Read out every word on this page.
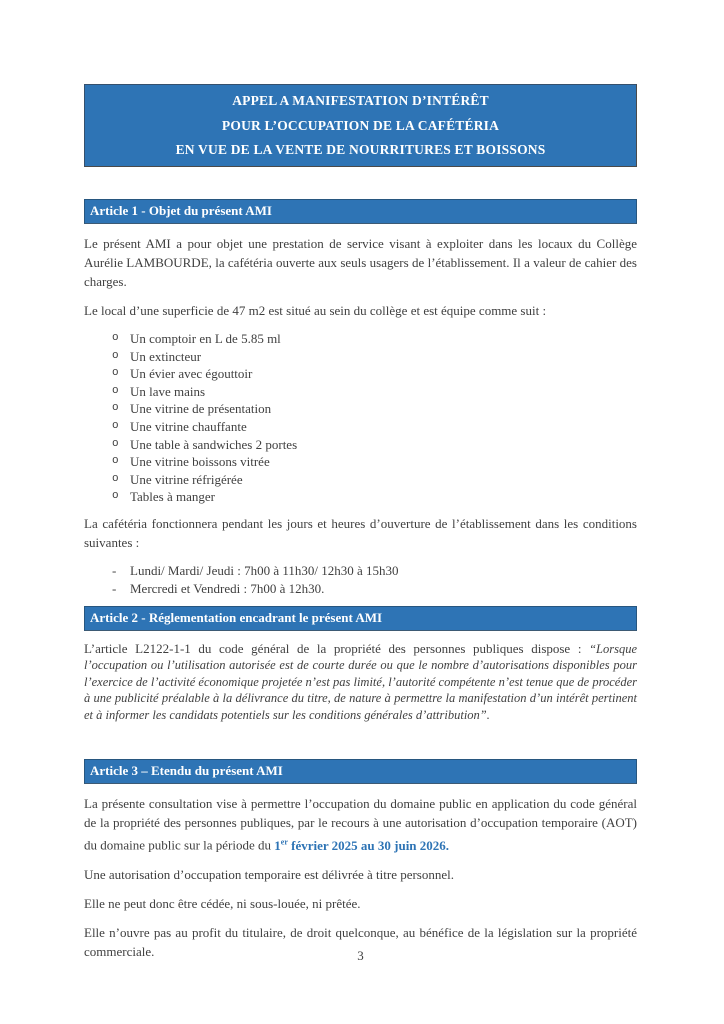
APPEL A MANIFESTATION D’INTÉRÊT
POUR L’OCCUPATION DE LA CAFÉTÉRIA
EN VUE DE LA VENTE DE NOURRITURES ET BOISSONS
Article 1 - Objet du présent AMI

Le présent AMI a pour objet une prestation de service visant à exploiter dans les locaux du Collège Aurélie LAMBOURDE, la cafétéria ouverte aux seuls usagers de l’établissement. Il a valeur de cahier des charges.

Le local d’une superficie de 47 m2 est situé au sein du collège et est équipe comme suit :

o Un comptoir en L de 5.85 ml
o Un extincteur
o Un évier avec égouttoir
o Un lave mains
o Une vitrine de présentation
o Une vitrine chauffante
o Une table à sandwiches 2 portes
o Une vitrine boissons vitrée
o Une vitrine réfrigérée
o Tables à manger

La cafétéria fonctionnera pendant les jours et heures d’ouverture de l’établissement dans les conditions suivantes :

-	Lundi/ Mardi/ Jeudi : 7h00 à 11h30/ 12h30 à 15h30
-	Mercredi et Vendredi : 7h00 à 12h30.
Article 2 - Réglementation encadrant le présent AMI

L’article L2122-1-1 du code général de la propriété des personnes publiques dispose : “Lorsque l’occupation ou l’utilisation autorisée est de courte durée ou que le nombre d’autorisations disponibles pour l’exercice de l’activité économique projetée n’est pas limité, l’autorité compétente n’est tenue que de procéder à une publicité préalable à la délivrance du titre, de nature à permettre la manifestation d’un intérêt pertinent et à informer les candidats potentiels sur les conditions générales d’attribution”.

Article 3 – Etendu du présent AMI

La présente consultation vise à permettre l’occupation du domaine public en application du code général de la propriété des personnes publiques, par le recours à une autorisation d’occupation temporaire (AOT) du domaine public sur la période du 1er février 2025 au 30 juin 2026.

Une autorisation d’occupation temporaire est délivrée à titre personnel.

Elle ne peut donc être cédée, ni sous-louée, ni prêtée.

Elle n’ouvre pas au profit du titulaire, de droit quelconque, au bénéfice de la législation sur la propriété commerciale.	3
